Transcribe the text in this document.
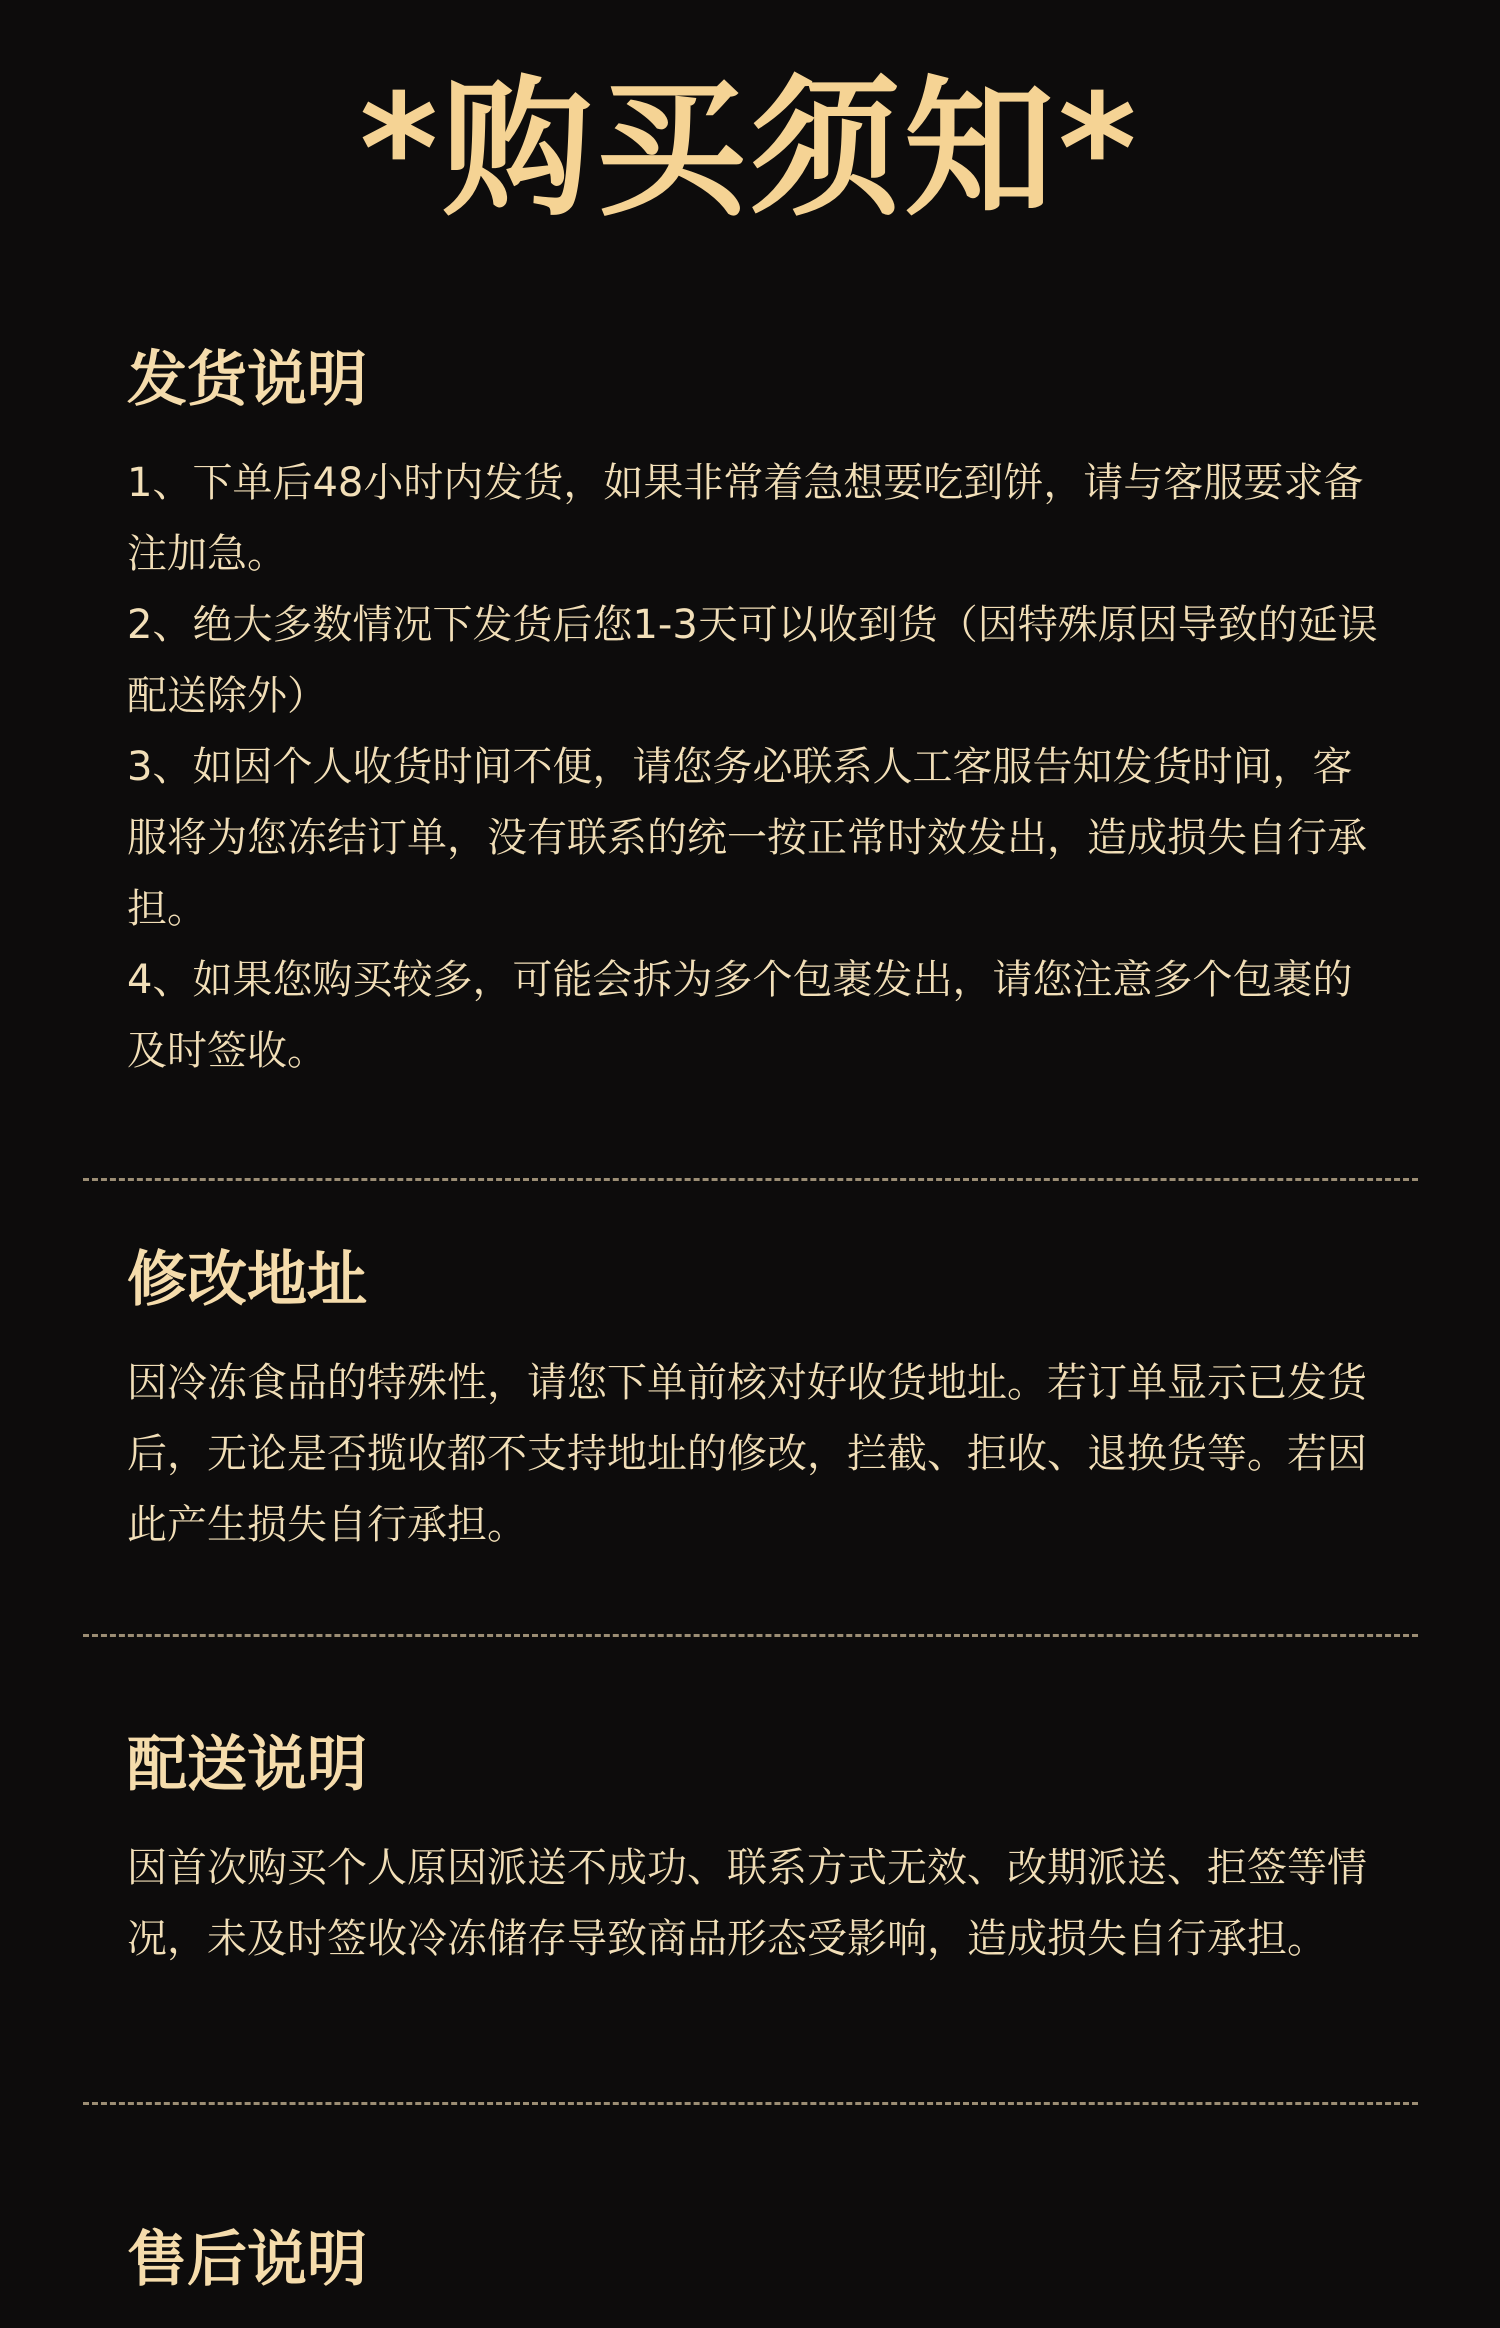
*购买须知*
发货说明

1、下单后48小时内发货，如果非常着急想要吃到饼，请与客服要求备注加急。

2、绝大多数情况下发货后您1-3天可以收到货（因特殊原因导致的延误配送除外）

3、如因个人收货时间不便，请您务必联系人工客服告知发货时间，客服将为您冻结订单，没有联系的统一按正常时效发出，造成损失自行承担。

4、如果您购买较多，可能会拆为多个包裹发出，请您注意多个包裹的及时签收。

修改地址

因冷冻食品的特殊性，请您下单前核对好收货地址。若订单显示已发货后，无论是否揽收都不支持地址的修改，拦截、拒收、退换货等。若因此产生损失自行承担。

配送说明

因首次购买个人原因派送不成功、联系方式无效、改期派送、拒签等情况，未及时签收冷冻储存导致商品形态受影响，造成损失自行承担。

售后说明
